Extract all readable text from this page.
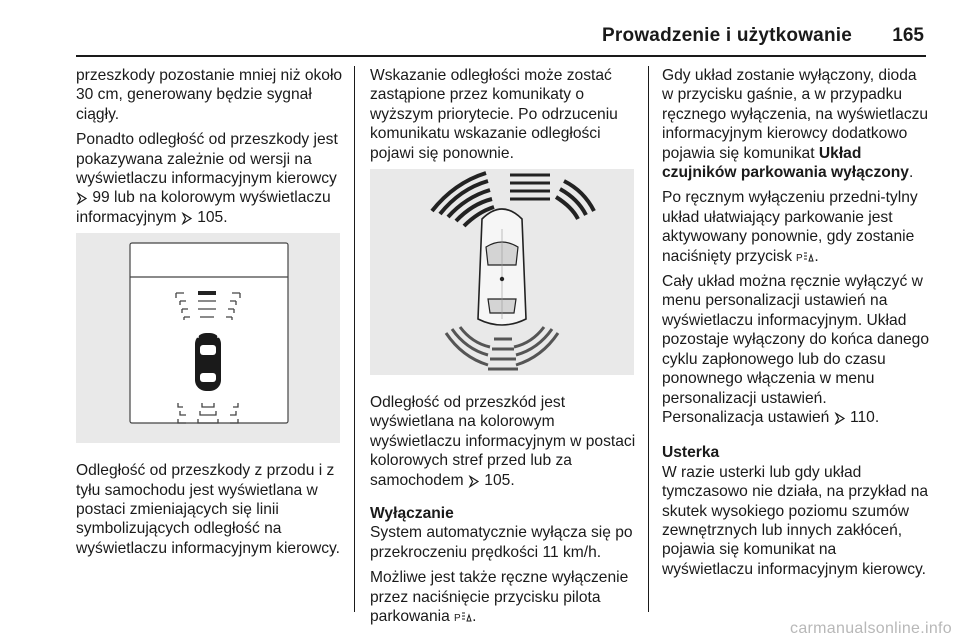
Prowadzenie i użytkowanie 165

przeszkody pozostanie mniej niż około 30 cm, generowany będzie sygnał ciągły.

Ponadto odległość od przeszkody jest pokazywana zależnie od wersji na wyświetlaczu informacyjnym kierowcy  99 lub na kolorowym wyświetlaczu informacyjnym  105.

Odległość od przeszkody z przodu i z tyłu samochodu jest wyświetlana w postaci zmieniających się linii symbolizujących odległość na wyświetlaczu informacyjnym kierowcy.

Wskazanie odległości może zostać zastąpione przez komunikaty o wyższym priorytecie. Po odrzuceniu komunikatu wskazanie odległości pojawi się ponownie.

Odległość od przeszkód jest wyświetlana na kolorowym wyświetlaczu informacyjnym w postaci kolorowych stref przed lub za samochodem  105.

Wyłączanie

System automatycznie wyłącza się po przekroczeniu prędkości 11 km/h.

Możliwe jest także ręczne wyłączenie przez naciśnięcie przycisku pilota parkowania P .

Gdy układ zostanie wyłączony, dioda w przycisku gaśnie, a w przypadku ręcznego wyłączenia, na wyświetlaczu informacyjnym kierowcy dodatkowo pojawia się komunikat Układ czujników parkowania wyłączony.

Po ręcznym wyłączeniu przedni-tylny układ ułatwiający parkowanie jest aktywowany ponownie, gdy zostanie naciśnięty przycisk P .

Cały układ można ręcznie wyłączyć w menu personalizacji ustawień na wyświetlaczu informacyjnym. Układ pozostaje wyłączony do końca danego cyklu zapłonowego lub do czasu ponownego włączenia w menu personalizacji ustawień.
Personalizacja ustawień  110.

Usterka

W razie usterki lub gdy układ tymczasowo nie działa, na przykład na skutek wysokiego poziomu szumów zewnętrznych lub innych zakłóceń, pojawia się komunikat na wyświetlaczu informacyjnym kierowcy.

carmanualsonline.info
